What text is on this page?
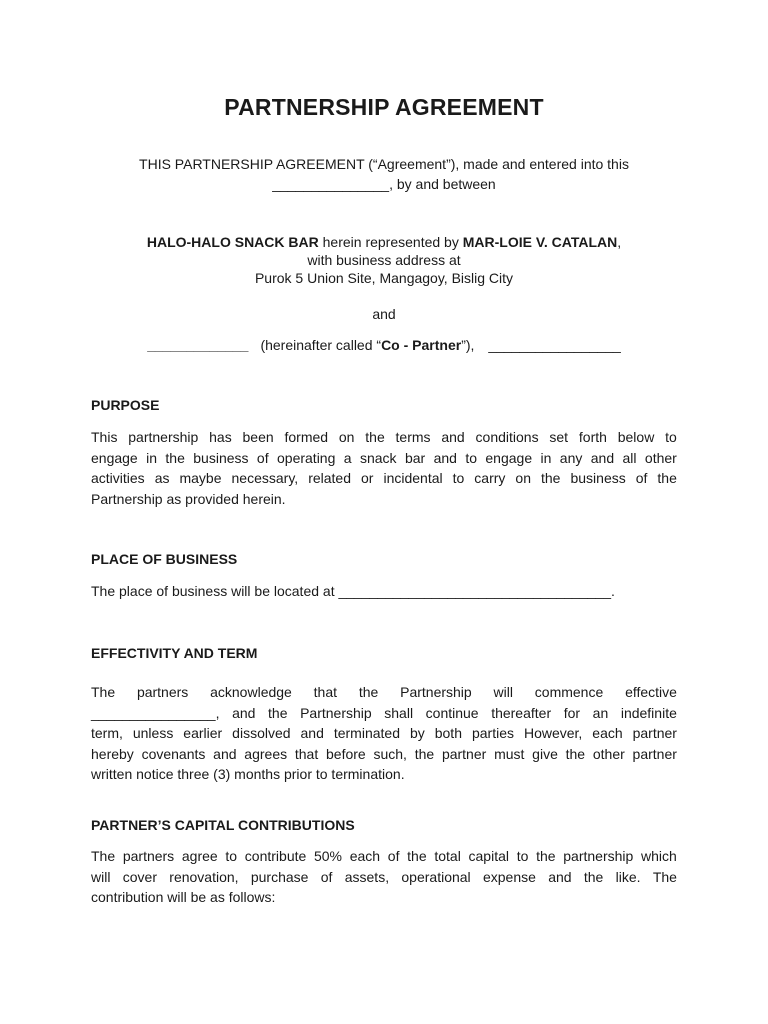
PARTNERSHIP AGREEMENT
THIS PARTNERSHIP AGREEMENT (“Agreement”), made and entered into this
_______________, by and between
HALO-HALO SNACK BAR herein represented by MAR-LOIE V. CATALAN,
with business address at
Purok 5 Union Site, Mangagoy, Bislig City
and
_____________ (hereinafter called “Co - Partner”), _________________
PURPOSE
This partnership has been formed on the terms and conditions set forth below to
engage in the business of operating a snack bar and to engage in any and all other
activities as maybe necessary, related or incidental to carry on the business of the
Partnership as provided herein.
PLACE OF BUSINESS
The place of business will be located at ___________________________________.
EFFECTIVITY AND TERM
The partners acknowledge that the Partnership will commence effective
________________, and the Partnership shall continue thereafter for an indefinite
term, unless earlier dissolved and terminated by both parties However, each partner
hereby covenants and agrees that before such, the partner must give the other partner
written notice three (3) months prior to termination.
PARTNER’S CAPITAL CONTRIBUTIONS
The partners agree to contribute 50% each of the total capital to the partnership which
will cover renovation, purchase of assets, operational expense and the like. The
contribution will be as follows:
